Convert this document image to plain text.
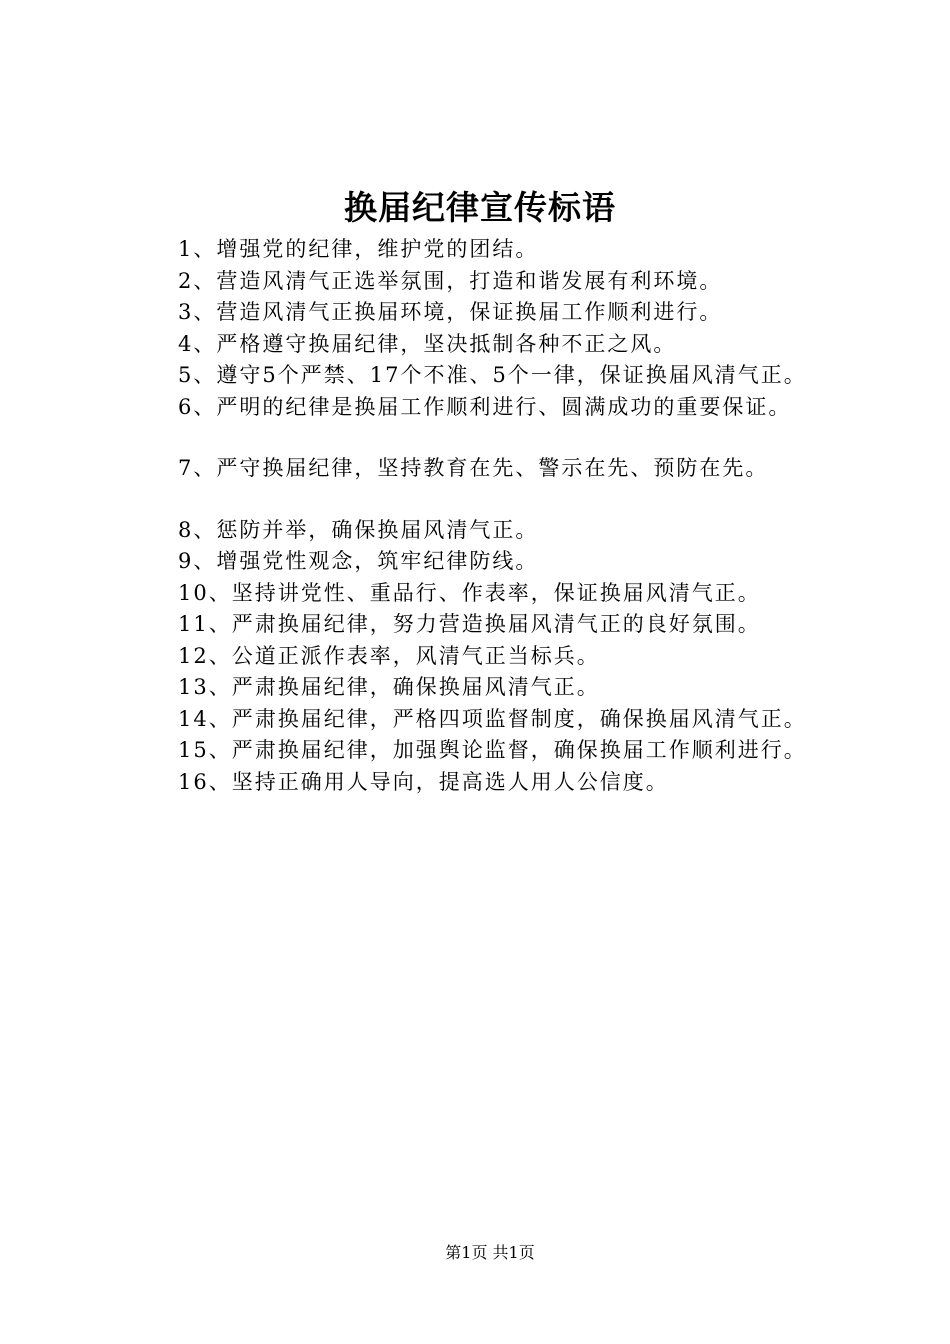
换届纪律宣传标语
1、增强党的纪律，维护党的团结。
2、营造风清气正选举氛围，打造和谐发展有利环境。
3、营造风清气正换届环境，保证换届工作顺利进行。
4、严格遵守换届纪律，坚决抵制各种不正之风。
5、遵守5个严禁、17个不准、5个一律，保证换届风清气正。
6、严明的纪律是换届工作顺利进行、圆满成功的重要保证。
7、严守换届纪律，坚持教育在先、警示在先、预防在先。
8、惩防并举，确保换届风清气正。
9、增强党性观念，筑牢纪律防线。
10、坚持讲党性、重品行、作表率，保证换届风清气正。
11、严肃换届纪律，努力营造换届风清气正的良好氛围。
12、公道正派作表率，风清气正当标兵。
13、严肃换届纪律，确保换届风清气正。
14、严肃换届纪律，严格四项监督制度，确保换届风清气正。
15、严肃换届纪律，加强舆论监督，确保换届工作顺利进行。
16、坚持正确用人导向，提高选人用人公信度。
第1页 共1页
